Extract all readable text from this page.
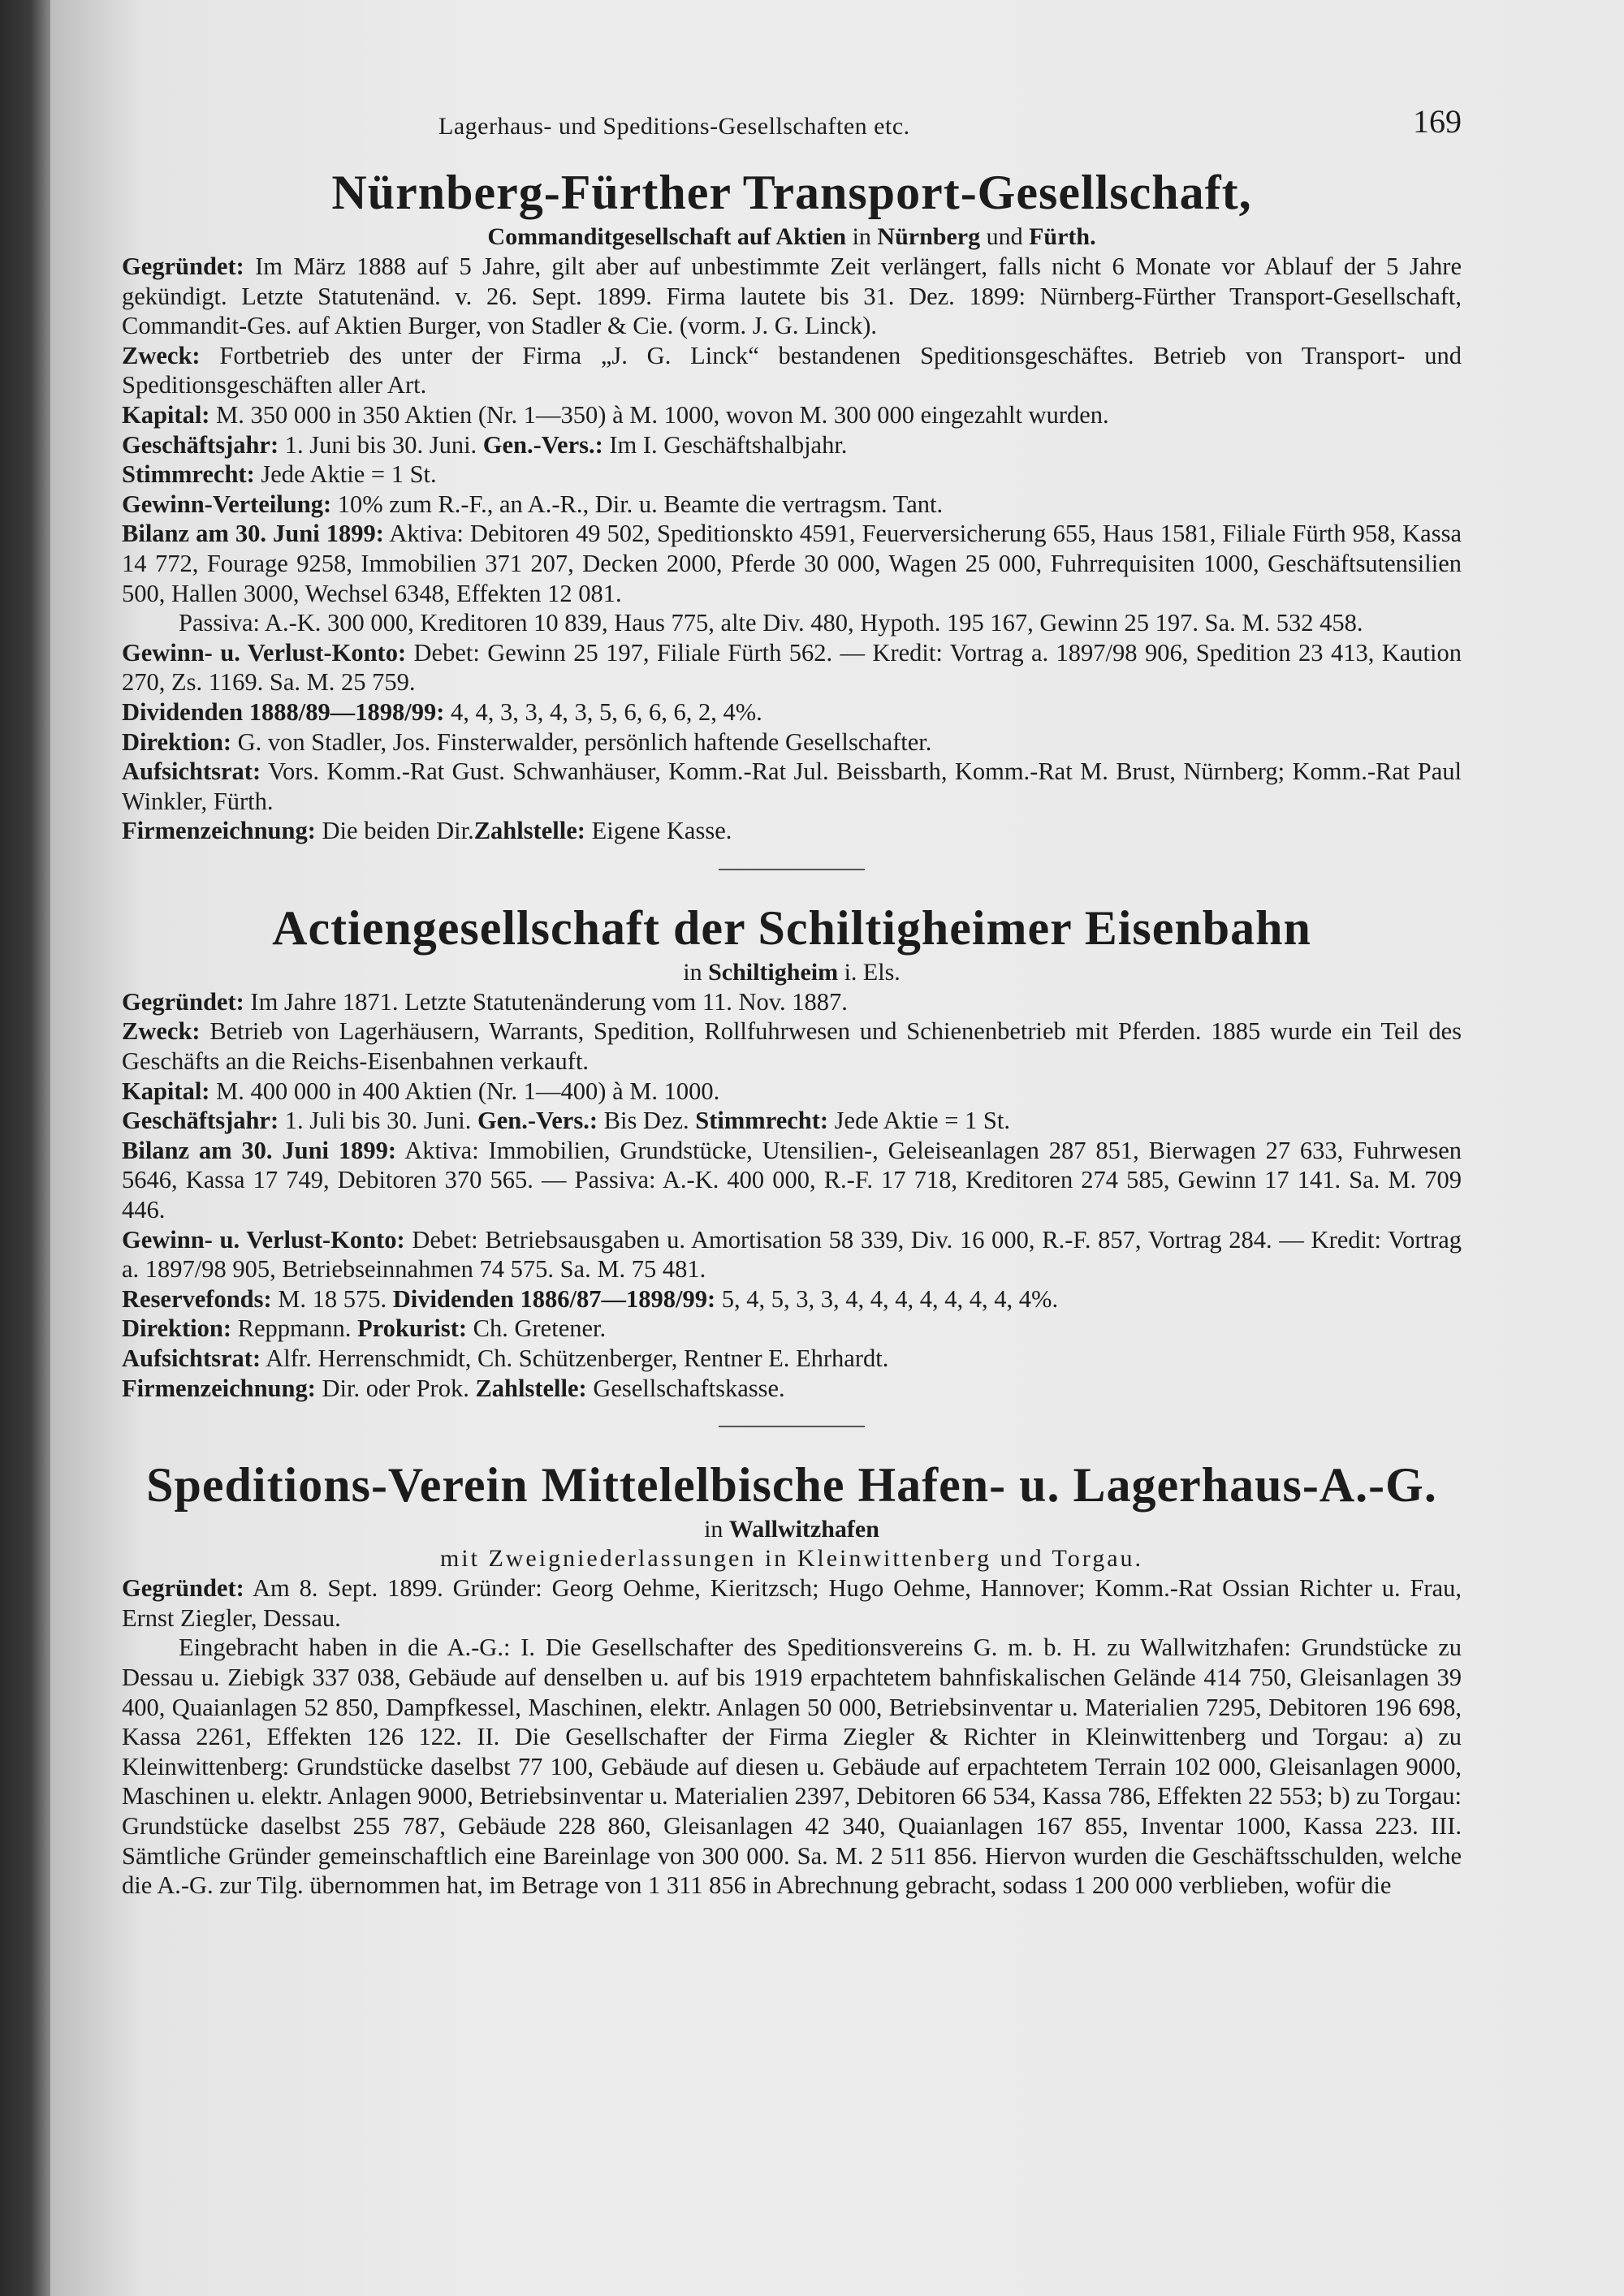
Lagerhaus- und Speditions-Gesellschaften etc.	169
Nürnberg-Fürther Transport-Gesellschaft,
Commanditgesellschaft auf Aktien in Nürnberg und Fürth.

Gegründet: Im März 1888 auf 5 Jahre, gilt aber auf unbestimmte Zeit verlängert, falls nicht 6 Monate vor Ablauf der 5 Jahre gekündigt. Letzte Statutenänd. v. 26. Sept. 1899. Firma lautete bis 31. Dez. 1899: Nürnberg-Fürther Transport-Gesellschaft, Commandit-Ges. auf Aktien Burger, von Stadler & Cie. (vorm. J. G. Linck).

Zweck: Fortbetrieb des unter der Firma „J. G. Linck“ bestandenen Speditionsgeschäftes. Betrieb von Transport- und Speditionsgeschäften aller Art.

Kapital: M. 350 000 in 350 Aktien (Nr. 1—350) à M. 1000, wovon M. 300 000 eingezahlt wurden.

Geschäftsjahr: 1. Juni bis 30. Juni. Gen.-Vers.: Im I. Geschäftshalbjahr.

Stimmrecht: Jede Aktie = 1 St.

Gewinn-Verteilung: 10% zum R.-F., an A.-R., Dir. u. Beamte die vertragsm. Tant.

Bilanz am 30. Juni 1899: Aktiva: Debitoren 49 502, Speditionskto 4591, Feuerversicherung 655, Haus 1581, Filiale Fürth 958, Kassa 14 772, Fourage 9258, Immobilien 371 207, Decken 2000, Pferde 30 000, Wagen 25 000, Fuhrrequisiten 1000, Geschäftsutensilien 500, Hallen 3000, Wechsel 6348, Effekten 12 081.

Passiva: A.-K. 300 000, Kreditoren 10 839, Haus 775, alte Div. 480, Hypoth. 195 167, Gewinn 25 197. Sa. M. 532 458.

Gewinn- u. Verlust-Konto: Debet: Gewinn 25 197, Filiale Fürth 562. — Kredit: Vortrag a. 1897/98 906, Spedition 23 413, Kaution 270, Zs. 1169. Sa. M. 25 759.

Dividenden 1888/89—1898/99: 4, 4, 3, 3, 4, 3, 5, 6, 6, 6, 2, 4%.

Direktion: G. von Stadler, Jos. Finsterwalder, persönlich haftende Gesellschafter.

Aufsichtsrat: Vors. Komm.-Rat Gust. Schwanhäuser, Komm.-Rat Jul. Beissbarth, Komm.-Rat M. Brust, Nürnberg; Komm.-Rat Paul Winkler, Fürth.

Firmenzeichnung: Die beiden Dir.Zahlstelle: Eigene Kasse.

Actiengesellschaft der Schiltigheimer Eisenbahn
in Schiltigheim i. Els.

Gegründet: Im Jahre 1871. Letzte Statutenänderung vom 11. Nov. 1887.

Zweck: Betrieb von Lagerhäusern, Warrants, Spedition, Rollfuhrwesen und Schienenbetrieb mit Pferden. 1885 wurde ein Teil des Geschäfts an die Reichs-Eisenbahnen verkauft.

Kapital: M. 400 000 in 400 Aktien (Nr. 1—400) à M. 1000.

Geschäftsjahr: 1. Juli bis 30. Juni. Gen.-Vers.: Bis Dez. Stimmrecht: Jede Aktie = 1 St.

Bilanz am 30. Juni 1899: Aktiva: Immobilien, Grundstücke, Utensilien-, Geleiseanlagen 287 851, Bierwagen 27 633, Fuhrwesen 5646, Kassa 17 749, Debitoren 370 565. — Passiva: A.-K. 400 000, R.-F. 17 718, Kreditoren 274 585, Gewinn 17 141. Sa. M. 709 446.

Gewinn- u. Verlust-Konto: Debet: Betriebsausgaben u. Amortisation 58 339, Div. 16 000, R.-F. 857, Vortrag 284. — Kredit: Vortrag a. 1897/98 905, Betriebseinnahmen 74 575. Sa. M. 75 481.

Reservefonds: M. 18 575. Dividenden 1886/87—1898/99: 5, 4, 5, 3, 3, 4, 4, 4, 4, 4, 4, 4, 4%.

Direktion: Reppmann. Prokurist: Ch. Gretener.

Aufsichtsrat: Alfr. Herrenschmidt, Ch. Schützenberger, Rentner E. Ehrhardt.

Firmenzeichnung: Dir. oder Prok. Zahlstelle: Gesellschaftskasse.

Speditions-Verein Mittelelbische Hafen- u. Lagerhaus-A.-G.
in Wallwitzhafen
mit Zweigniederlassungen in Kleinwittenberg und Torgau.

Gegründet: Am 8. Sept. 1899. Gründer: Georg Oehme, Kieritzsch; Hugo Oehme, Hannover; Komm.-Rat Ossian Richter u. Frau, Ernst Ziegler, Dessau.

Eingebracht haben in die A.-G.: I. Die Gesellschafter des Speditionsvereins G. m. b. H. zu Wallwitzhafen: Grundstücke zu Dessau u. Ziebigk 337 038, Gebäude auf denselben u. auf bis 1919 erpachtetem bahnfiskalischen Gelände 414 750, Gleisanlagen 39 400, Quaianlagen 52 850, Dampfkessel, Maschinen, elektr. Anlagen 50 000, Betriebsinventar u. Materialien 7295, Debitoren 196 698, Kassa 2261, Effekten 126 122. II. Die Gesellschafter der Firma Ziegler & Richter in Kleinwittenberg und Torgau: a) zu Kleinwittenberg: Grundstücke daselbst 77 100, Gebäude auf diesen u. Gebäude auf erpachtetem Terrain 102 000, Gleisanlagen 9000, Maschinen u. elektr. Anlagen 9000, Betriebsinventar u. Materialien 2397, Debitoren 66 534, Kassa 786, Effekten 22 553; b) zu Torgau: Grundstücke daselbst 255 787, Gebäude 228 860, Gleisanlagen 42 340, Quaianlagen 167 855, Inventar 1000, Kassa 223. III. Sämtliche Gründer gemeinschaftlich eine Bareinlage von 300 000. Sa. M. 2 511 856. Hiervon wurden die Geschäftsschulden, welche die A.-G. zur Tilg. übernommen hat, im Betrage von 1 311 856 in Abrechnung gebracht, sodass 1 200 000 verblieben, wofür die
